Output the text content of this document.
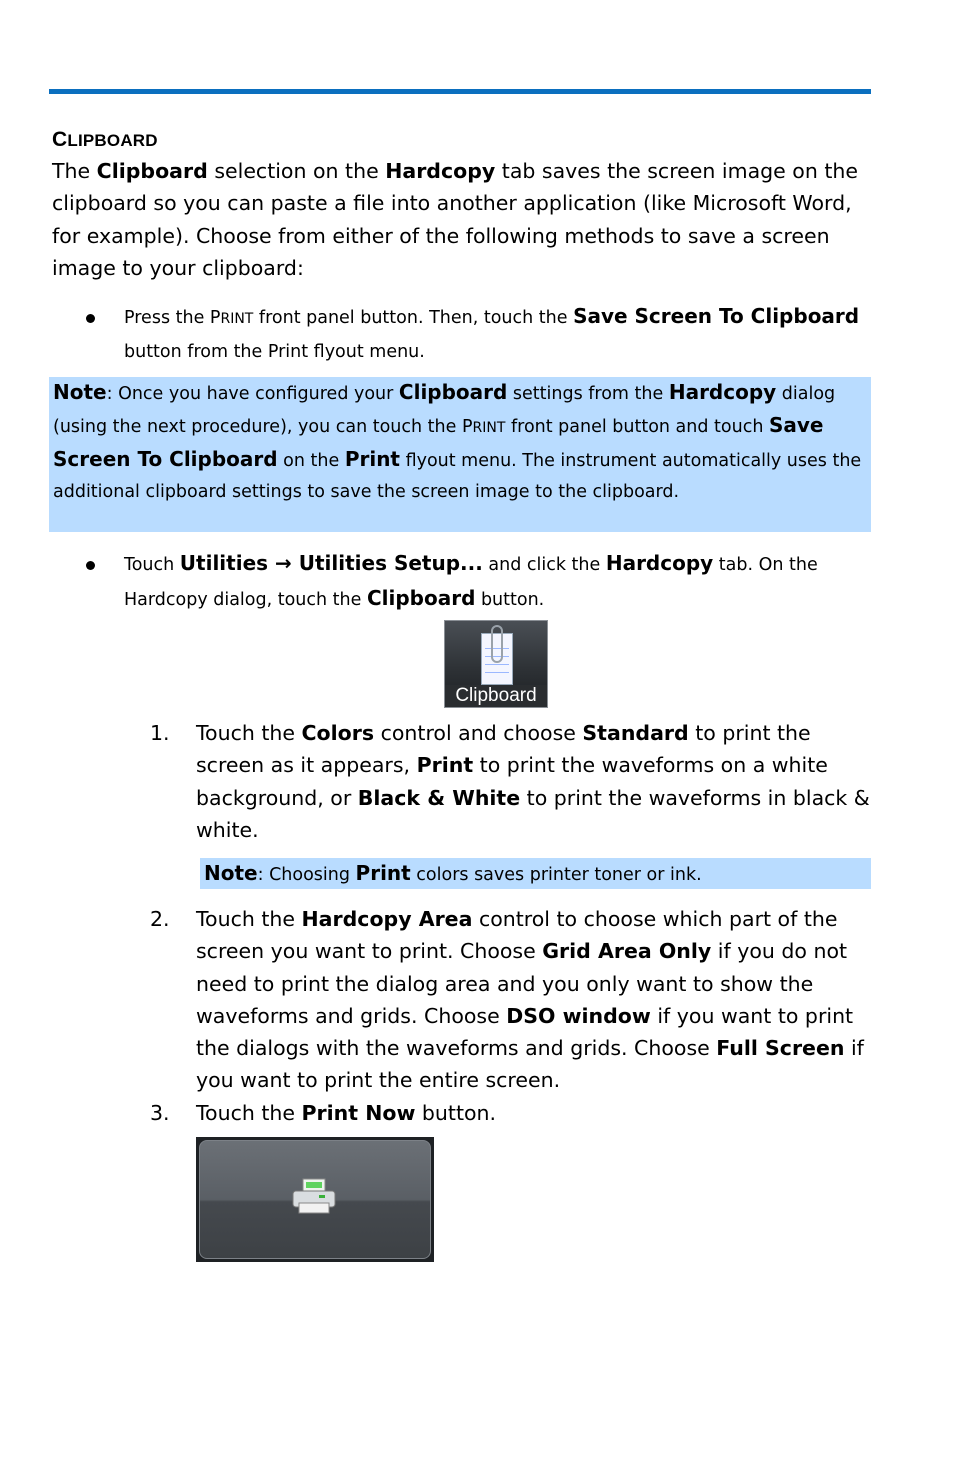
CLIPBOARD
The Clipboard selection on the Hardcopy tab saves the screen image on the clipboard so you can paste a file into another application (like Microsoft Word, for example). Choose from either of the following methods to save a screen image to your clipboard:
Press the PRINT front panel button. Then, touch the Save Screen To Clipboard button from the Print flyout menu.
Note: Once you have configured your Clipboard settings from the Hardcopy dialog (using the next procedure), you can touch the PRINT front panel button and touch Save Screen To Clipboard on the Print flyout menu. The instrument automatically uses the additional clipboard settings to save the screen image to the clipboard.
Touch Utilities → Utilities Setup... and click the Hardcopy tab. On the Hardcopy dialog, touch the Clipboard button.
Clipboard
1. Touch the Colors control and choose Standard to print the screen as it appears, Print to print the waveforms on a white background, or Black & White to print the waveforms in black & white.
Note: Choosing Print colors saves printer toner or ink.
2. Touch the Hardcopy Area control to choose which part of the screen you want to print. Choose Grid Area Only if you do not need to print the dialog area and you only want to show the waveforms and grids. Choose DSO window if you want to print the dialogs with the waveforms and grids. Choose Full Screen if you want to print the entire screen.
3. Touch the Print Now button.
